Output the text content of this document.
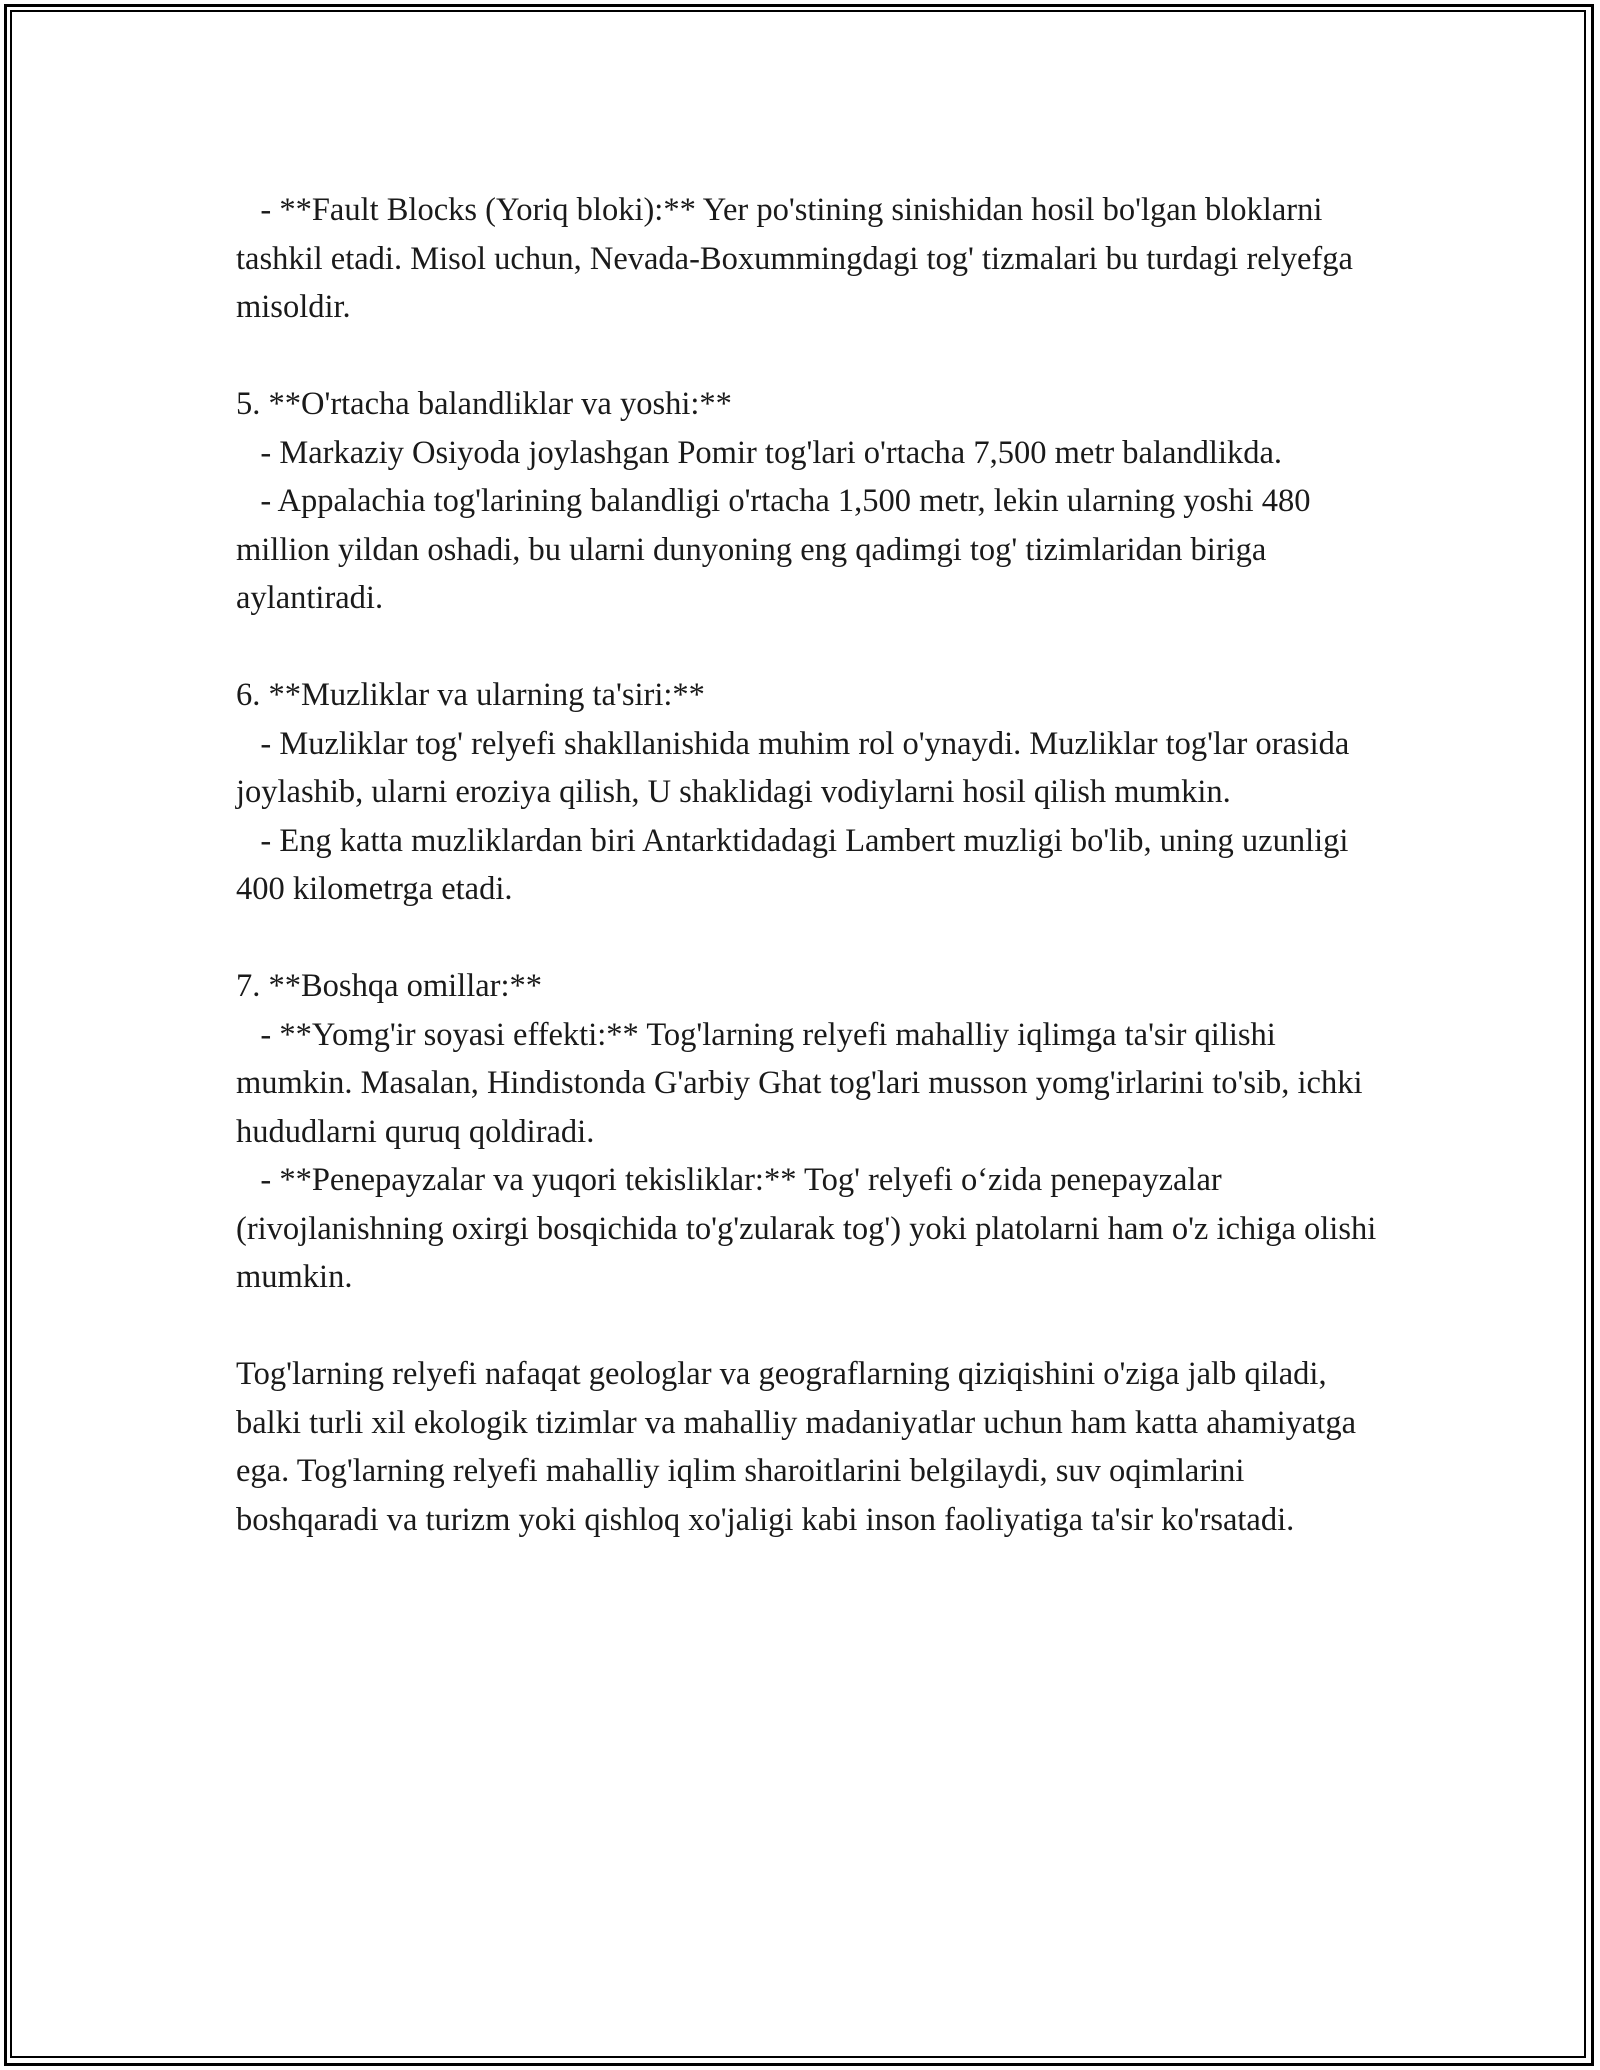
- **Fault Blocks (Yoriq bloki):** Yer po'stining sinishidan hosil bo'lgan bloklarni tashkil etadi. Misol uchun, Nevada-Boxummingdagi tog' tizmalari bu turdagi relyefga misoldir.

5. **O'rtacha balandliklar va yoshi:**

- Markaziy Osiyoda joylashgan Pomir tog'lari o'rtacha 7,500 metr balandlikda.

- Appalachia tog'larining balandligi o'rtacha 1,500 metr, lekin ularning yoshi 480 million yildan oshadi, bu ularni dunyoning eng qadimgi tog' tizimlaridan biriga aylantiradi.

6. **Muzliklar va ularning ta'siri:**

- Muzliklar tog' relyefi shakllanishida muhim rol o'ynaydi. Muzliklar tog'lar orasida joylashib, ularni eroziya qilish, U shaklidagi vodiylarni hosil qilish mumkin.

- Eng katta muzliklardan biri Antarktidadagi Lambert muzligi bo'lib, uning uzunligi 400 kilometrga etadi.

7. **Boshqa omillar:**

- **Yomg'ir soyasi effekti:** Tog'larning relyefi mahalliy iqlimga ta'sir qilishi mumkin. Masalan, Hindistonda G'arbiy Ghat tog'lari musson yomg'irlarini to'sib, ichki hududlarni quruq qoldiradi.

- **Penepayzalar va yuqori tekisliklar:** Tog' relyefi o‘zida penepayzalar (rivojlanishning oxirgi bosqichida to'g'zularak tog') yoki platolarni ham o'z ichiga olishi mumkin.

Tog'larning relyefi nafaqat geologlar va geograflarning qiziqishini o'ziga jalb qiladi, balki turli xil ekologik tizimlar va mahalliy madaniyatlar uchun ham katta ahamiyatga ega. Tog'larning relyefi mahalliy iqlim sharoitlarini belgilaydi, suv oqimlarini boshqaradi va turizm yoki qishloq xo'jaligi kabi inson faoliyatiga ta'sir ko'rsatadi.
